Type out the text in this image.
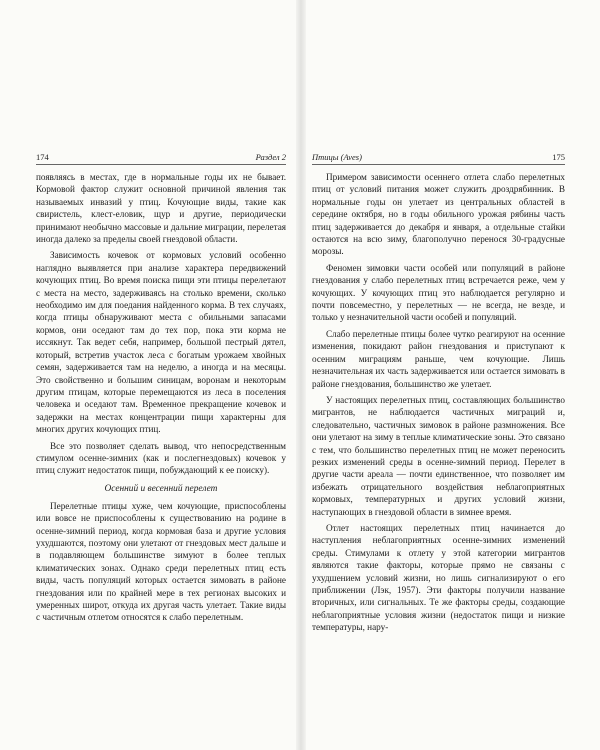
174	Раздел 2

появляясь в местах, где в нормальные годы их не бывает. Кормовой фактор служит основной причиной явления так называемых инвазий у птиц. Кочующие виды, такие как свиристель, клест-еловик, щур и другие, периодически принимают необычно массовые и дальние миграции, перелетая иногда далеко за пределы своей гнездовой области.

Зависимость кочевок от кормовых условий особенно наглядно выявляется при анализе характера передвижений кочующих птиц. Во время поиска пищи эти птицы перелетают с места на место, задерживаясь на столько времени, сколько необходимо им для поедания найденного корма. В тех случаях, когда птицы обнаруживают места с обильными запасами кормов, они оседают там до тех пор, пока эти корма не иссякнут. Так ведет себя, например, большой пестрый дятел, который, встретив участок леса с богатым урожаем хвойных семян, задерживается там на неделю, а иногда и на месяцы. Это свойственно и большим синицам, воронам и некоторым другим птицам, которые перемещаются из леса в поселения человека и оседают там. Временное прекращение кочевок и задержки на местах концентрации пищи характерны для многих других кочующих птиц.

Все это позволяет сделать вывод, что непосредственным стимулом осенне-зимних (как и послегнездовых) кочевок у птиц служит недостаток пищи, побуждающий к ее поиску).

Осенний и весенний перелет

Перелетные птицы хуже, чем кочующие, приспособлены или вовсе не приспособлены к существованию на родине в осенне-зимний период, когда кормовая база и другие условия ухудшаются, поэтому они улетают от гнездовых мест дальше и в подавляющем большинстве зимуют в более теплых климатических зонах. Однако среди перелетных птиц есть виды, часть популяций которых остается зимовать в районе гнездования или по крайней мере в тех регионах высоких и умеренных широт, откуда их другая часть улетает. Такие виды с частичным отлетом относятся к слабо перелетным.

Птицы (Aves)	175

Примером зависимости осеннего отлета слабо перелетных птиц от условий питания может служить дроздрябинник. В нормальные годы он улетает из центральных областей в середине октября, но в годы обильного урожая рябины часть птиц задерживается до декабря и января, а отдельные стайки остаются на всю зиму, благополучно перенося 30-градусные морозы.

Феномен зимовки части особей или популяций в районе гнездования у слабо перелетных птиц встречается реже, чем у кочующих. У кочующих птиц это наблюдается регулярно и почти повсеместно, у перелетных — не всегда, не везде, и только у незначительной части особей и популяций.

Слабо перелетные птицы более чутко реагируют на осенние изменения, покидают район гнездования и приступают к осенним миграциям раньше, чем кочующие. Лишь незначительная их часть задерживается или остается зимовать в районе гнездования, большинство же улетает.

У настоящих перелетных птиц, составляющих большинство мигрантов, не наблюдается частичных миграций и, следовательно, частичных зимовок в районе размножения. Все они улетают на зиму в теплые климатические зоны. Это связано с тем, что большинство перелетных птиц не может переносить резких изменений среды в осенне-зимний период. Перелет в другие части ареала — почти единственное, что позволяет им избежать отрицательного воздействия неблагоприятных кормовых, температурных и других условий жизни, наступающих в гнездовой области в зимнее время.

Отлет настоящих перелетных птиц начинается до наступления неблагоприятных осенне-зимних изменений среды. Стимулами к отлету у этой категории мигрантов являются такие факторы, которые прямо не связаны с ухудшением условий жизни, но лишь сигнализируют о его приближении (Лэк, 1957). Эти факторы получили название вторичных, или сигнальных. Те же факторы среды, создающие неблагоприятные условия жизни (недостаток пищи и низкие температуры, нару-
